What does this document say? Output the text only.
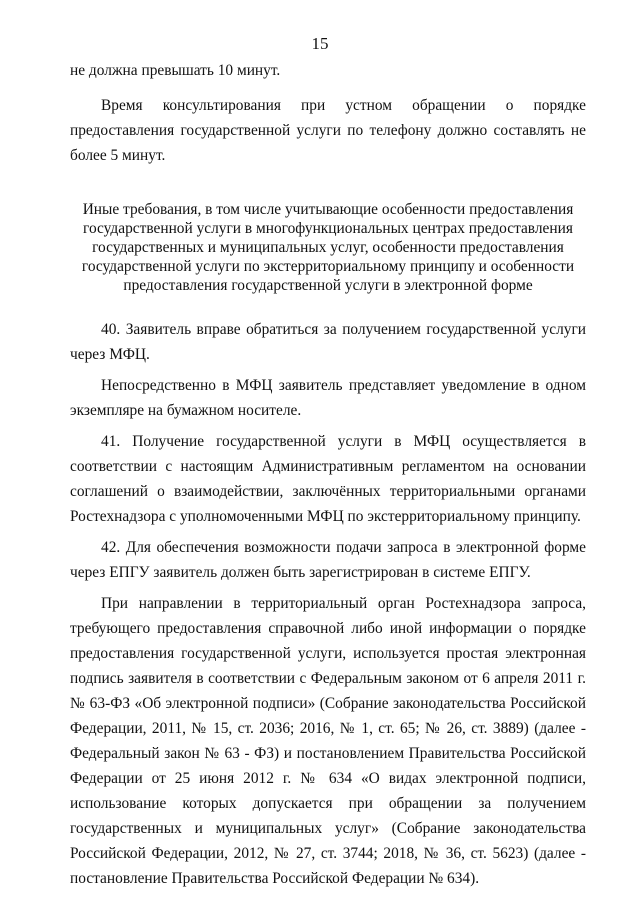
15

не должна превышать 10 минут.

Время консультирования при устном обращении о порядке предоставления государственной услуги по телефону должно составлять не более 5 минут.

Иные требования, в том числе учитывающие особенности предоставления государственной услуги в многофункциональных центрах предоставления государственных и муниципальных услуг, особенности предоставления государственной услуги по экстерриториальному принципу и особенности предоставления государственной услуги в электронной форме

40. Заявитель вправе обратиться за получением государственной услуги через МФЦ.

Непосредственно в МФЦ заявитель представляет уведомление в одном экземпляре на бумажном носителе.

41. Получение государственной услуги в МФЦ осуществляется в соответствии с настоящим Административным регламентом на основании соглашений о взаимодействии, заключённых территориальными органами Ростехнадзора с уполномоченными МФЦ по экстерриториальному принципу.

42. Для обеспечения возможности подачи запроса в электронной форме через ЕПГУ заявитель должен быть зарегистрирован в системе ЕПГУ.

При направлении в территориальный орган Ростехнадзора запроса, требующего предоставления справочной либо иной информации о порядке предоставления государственной услуги, используется простая электронная подпись заявителя в соответствии с Федеральным законом от 6 апреля 2011 г. № 63-ФЗ «Об электронной подписи» (Собрание законодательства Российской Федерации, 2011, № 15, ст. 2036; 2016, № 1, ст. 65; № 26, ст. 3889) (далее - Федеральный закон № 63 - ФЗ) и постановлением Правительства Российской Федерации от 25 июня 2012 г. № 634 «О видах электронной подписи, использование которых допускается при обращении за получением государственных и муниципальных услуг» (Собрание законодательства Российской Федерации, 2012, № 27, ст. 3744; 2018, № 36, ст. 5623) (далее - постановление Правительства Российской Федерации № 634).
